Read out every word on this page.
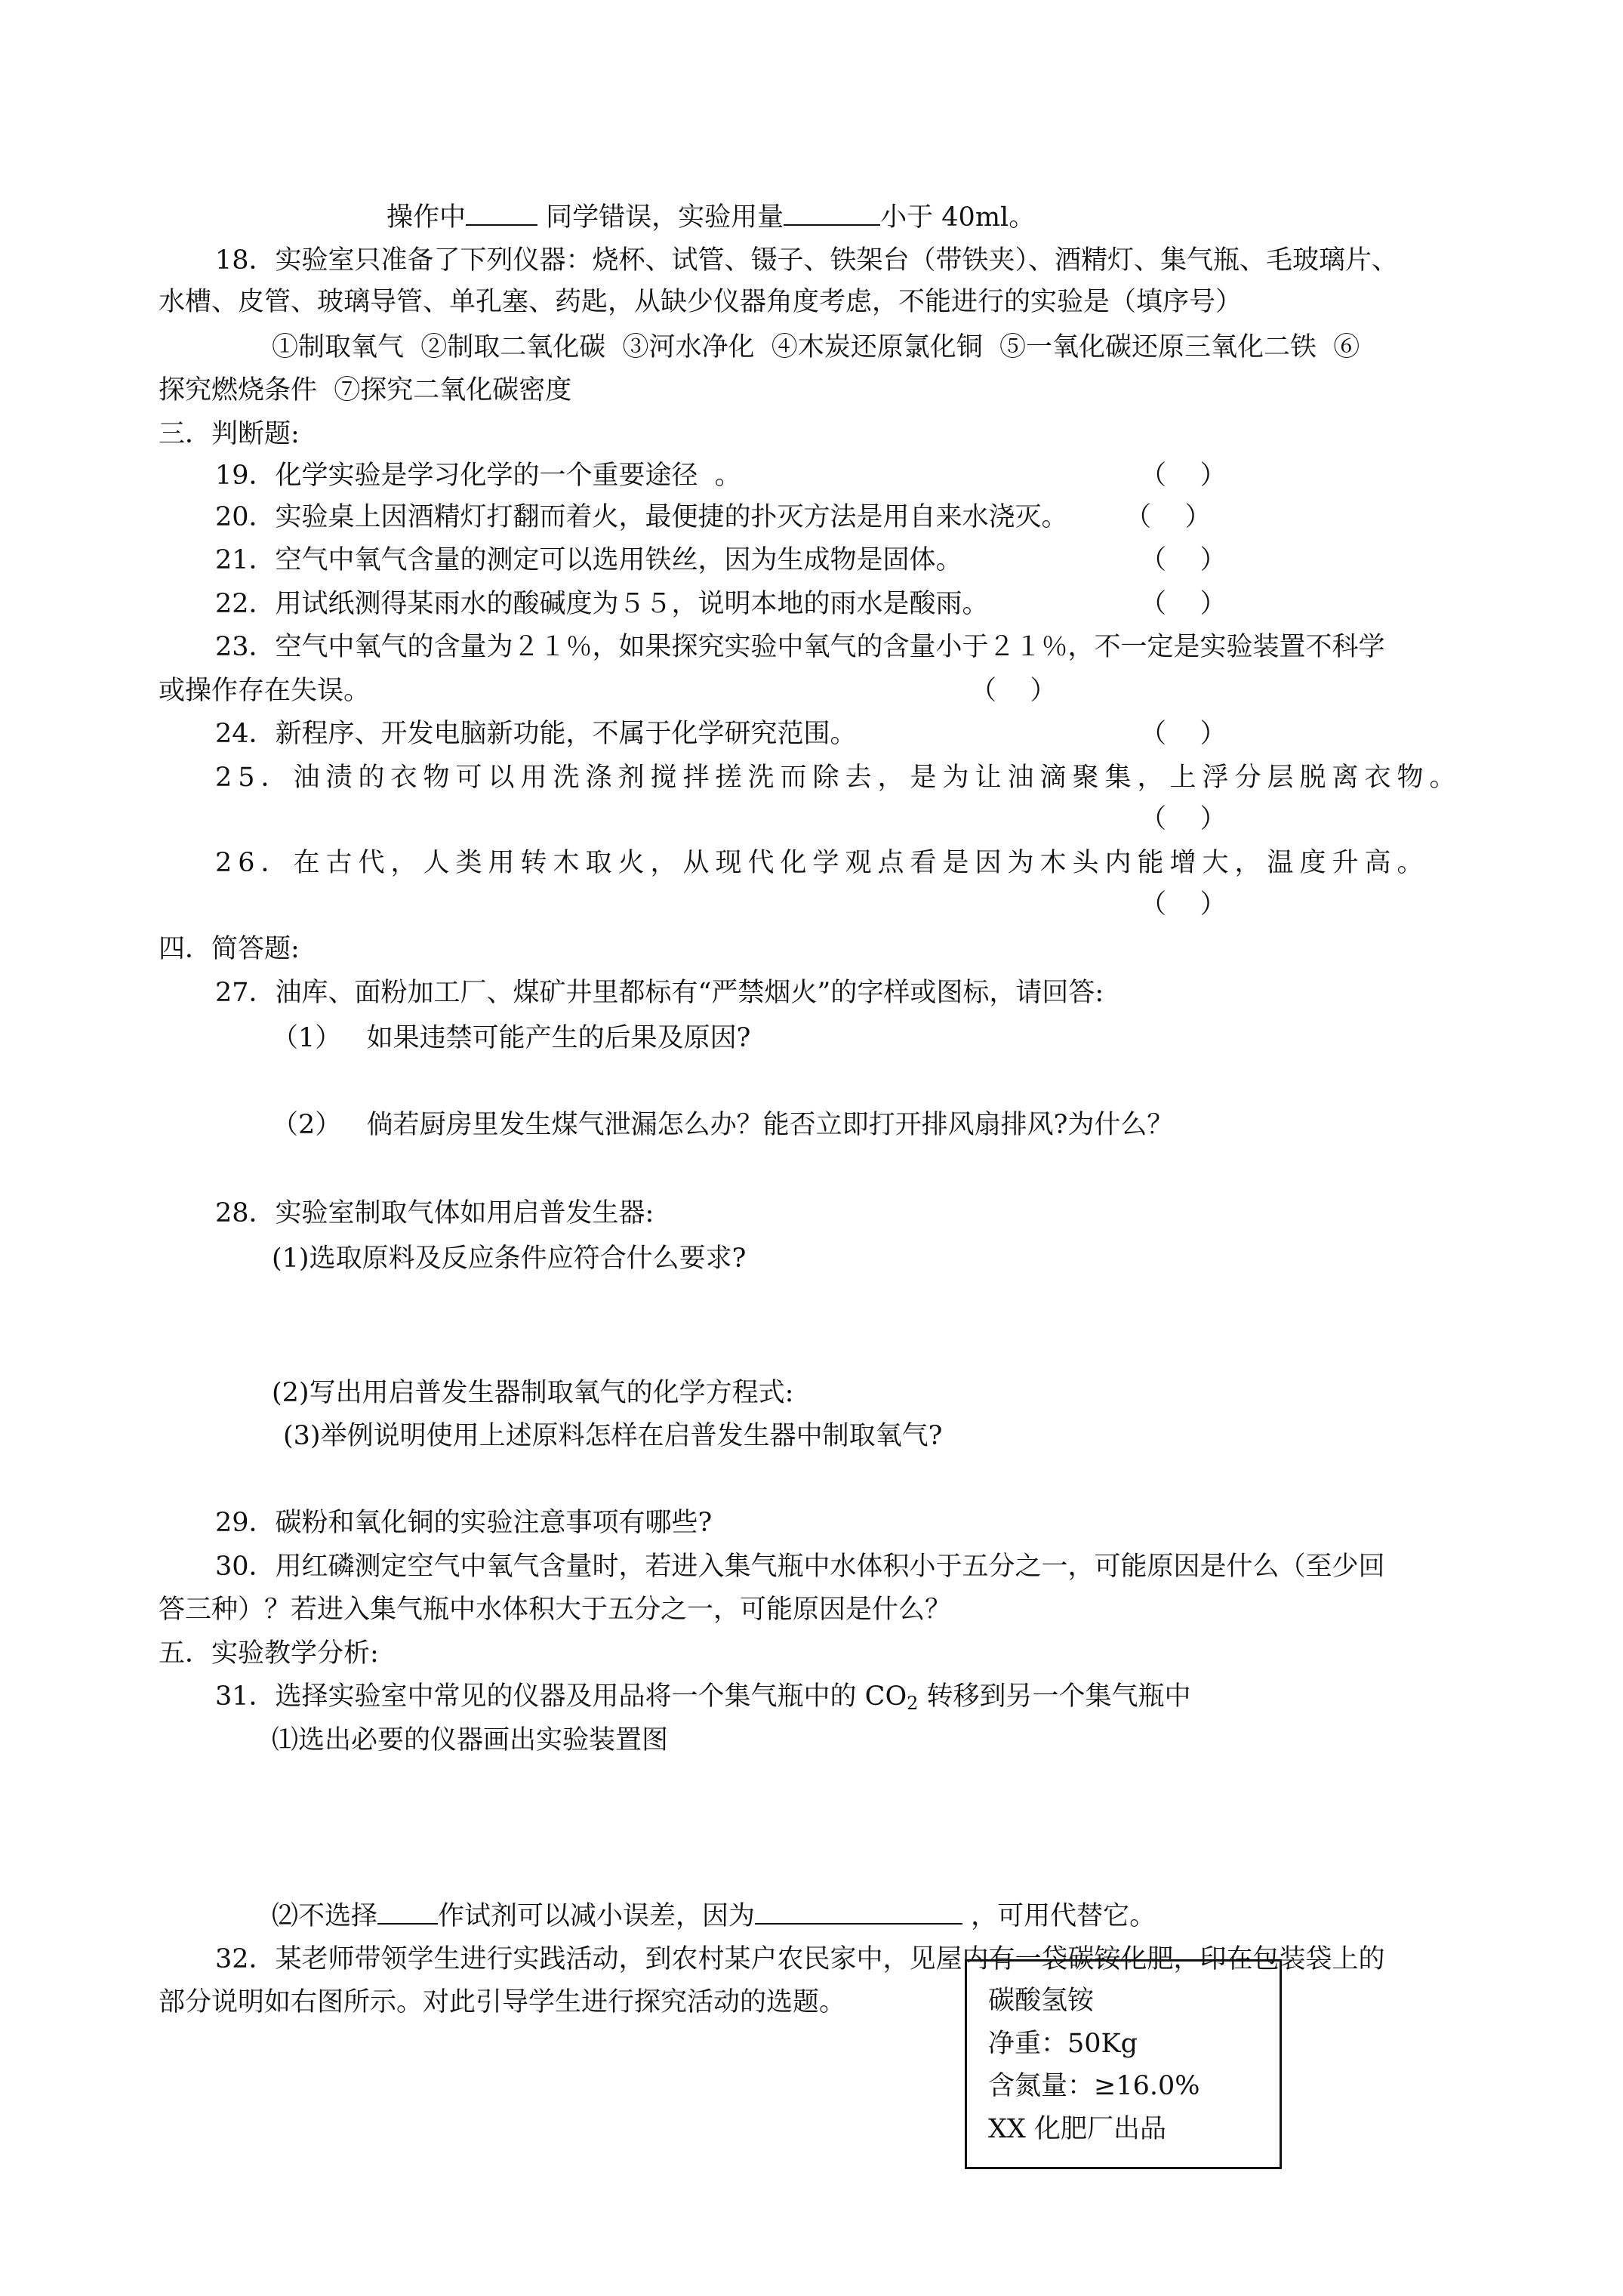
操作中	同学错误，实验用量	小于 40ml。
18．实验室只准备了下列仪器：烧杯、试管、镊子、铁架台（带铁夹）、酒精灯、集气瓶、毛玻璃片、
水槽、皮管、玻璃导管、单孔塞、药匙，从缺少仪器角度考虑，不能进行的实验是（填序号）
①制取氧气  ②制取二氧化碳  ③河水净化  ④木炭还原氯化铜  ⑤一氧化碳还原三氧化二铁  ⑥
探究燃烧条件  ⑦探究二氧化碳密度
三．判断题:
19．化学实验是学习化学的一个重要途径  。	（    ）
20．实验桌上因酒精灯打翻而着火，最便捷的扑灭方法是用自来水浇灭。 （    ）
21．空气中氧气含量的测定可以选用铁丝，因为生成物是固体。	（    ）
22．用试纸测得某雨水的酸碱度为５５，说明本地的雨水是酸雨。	（    ）
23．空气中氧气的含量为２１％，如果探究实验中氧气的含量小于２１％，不一定是实验装置不科学
或操作存在失误。	（    ）
24．新程序、开发电脑新功能，不属于化学研究范围。	（    ）
25．油渍的衣物可以用洗涤剂搅拌搓洗而除去，是为让油滴聚集，上浮分层脱离衣物。
（    ）
26．在古代，人类用转木取火，从现代化学观点看是因为木头内能增大，温度升高。
（    ）
四．简答题:
27．油库、面粉加工厂、煤矿井里都标有“严禁烟火”的字样或图标，请回答:
（1）   如果违禁可能产生的后果及原因?
（2）   倘若厨房里发生煤气泄漏怎么办？能否立即打开排风扇排风?为什么？
28．实验室制取气体如用启普发生器:
(1)选取原料及反应条件应符合什么要求?
(2)写出用启普发生器制取氧气的化学方程式:
(3)举例说明使用上述原料怎样在启普发生器中制取氧气?
29．碳粉和氧化铜的实验注意事项有哪些?
30．用红磷测定空气中氧气含量时，若进入集气瓶中水体积小于五分之一，可能原因是什么（至少回
答三种）？若进入集气瓶中水体积大于五分之一，可能原因是什么？
五．实验教学分析:
31．选择实验室中常见的仪器及用品将一个集气瓶中的 $CO_2$ 转移到另一个集气瓶中
⑴选出必要的仪器画出实验装置图
⑵不选择 作试剂可以减小误差，因为	，可用代替它。
32．某老师带领学生进行实践活动，到农村某户农民家中，见屋内有一袋碳铵化肥，印在包装袋上的
部分说明如右图所示。对此引导学生进行探究活动的选题。	碳酸氢铵
净重：50Kg
含氮量：≥16.0%
XX 化肥厂出品
